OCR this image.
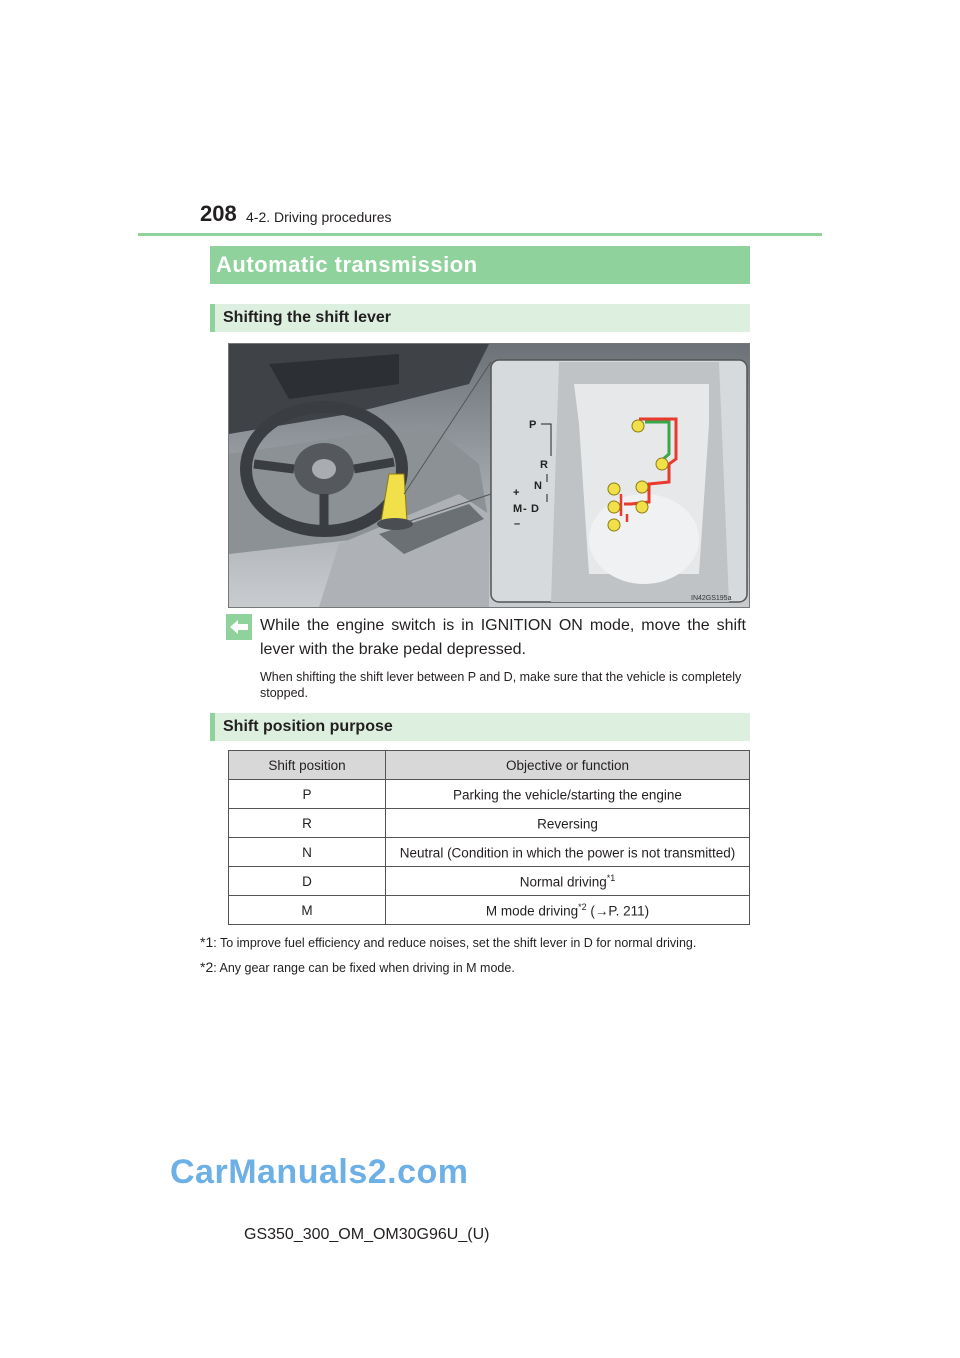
208 4-2. Driving procedures
Automatic transmission
Shifting the shift lever
P
R
N
D
M
+
-
–
IN42GS195a
While the engine switch is in IGNITION ON mode, move the shift lever with the brake pedal depressed.
When shifting the shift lever between P and D, make sure that the vehicle is completely stopped.
Shift position purpose
Shift position	Objective or function
P	Parking the vehicle/starting the engine
R	Reversing
N	Neutral (Condition in which the power is not transmitted)
D	Normal driving$^{*1}$
M	M mode driving$^{*2}$ (→P. 211)
*1: To improve fuel efficiency and reduce noises, set the shift lever in D for normal driving.
*2: Any gear range can be fixed when driving in M mode.
CarManuals2.com
GS350_300_OM_OM30G96U_(U)
